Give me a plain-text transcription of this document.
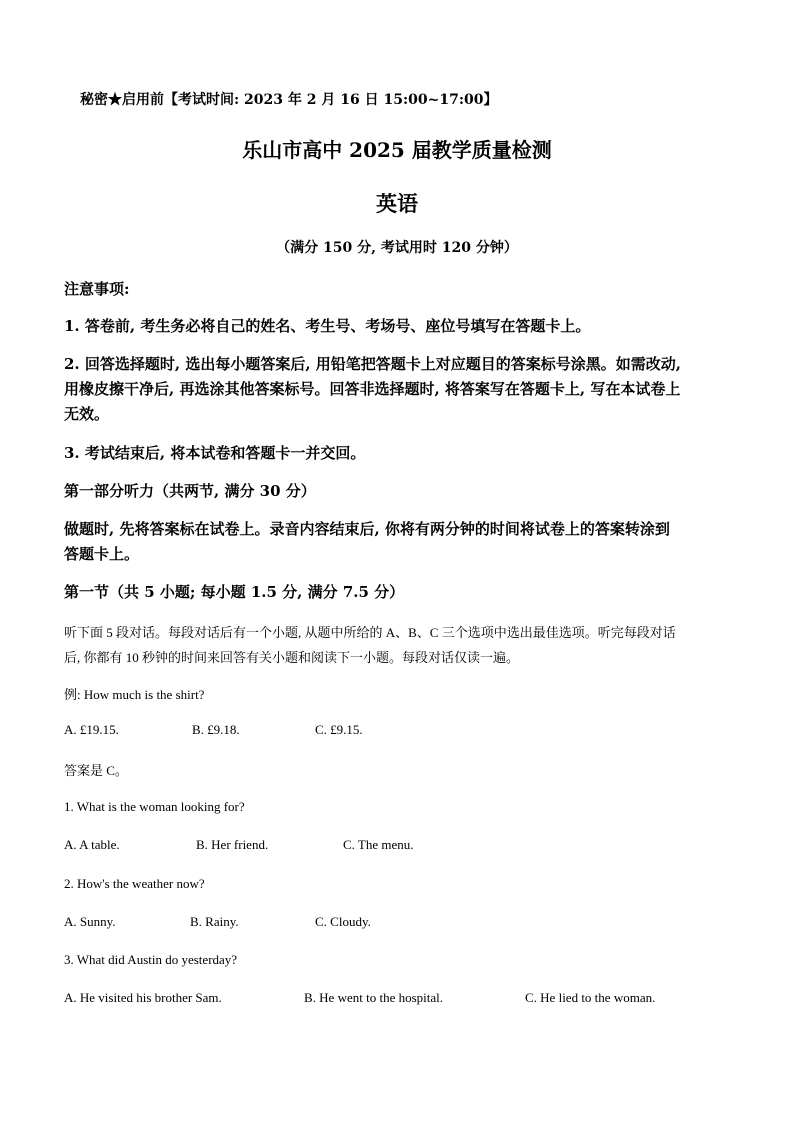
秘密★启用前【考试时间: 2023 年 2 月 16 日 15:00~17:00】
乐山市高中 2025 届教学质量检测
英语
（满分 150 分, 考试用时 120 分钟）
注意事项:
1. 答卷前, 考生务必将自己的姓名、考生号、考场号、座位号填写在答题卡上。
2. 回答选择题时, 选出每小题答案后, 用铅笔把答题卡上对应题目的答案标号涂黑。如需改动,
用橡皮擦干净后, 再选涂其他答案标号。回答非选择题时, 将答案写在答题卡上, 写在本试卷上
无效。
3. 考试结束后, 将本试卷和答题卡一并交回。
第一部分听力（共两节, 满分 30 分）
做题时, 先将答案标在试卷上。录音内容结束后, 你将有两分钟的时间将试卷上的答案转涂到
答题卡上。
第一节（共 5 小题; 每小题 1.5 分, 满分 7.5 分）
听下面 5 段对话。每段对话后有一个小题, 从题中所给的 A、B、C 三个选项中选出最佳选项。听完每段对话
后, 你都有 10 秒钟的时间来回答有关小题和阅读下一小题。每段对话仅读一遍。
例: How much is the shirt?
A. £19.15.	B. £9.18.	C. £9.15.
答案是 C。
1. What is the woman looking for?
A. A table.	B. Her friend.	C. The menu.
2. How's the weather now?
A. Sunny.	B. Rainy.	C. Cloudy.
3. What did Austin do yesterday?
A. He visited his brother Sam.	B. He went to the hospital.	C. He lied to the woman.
